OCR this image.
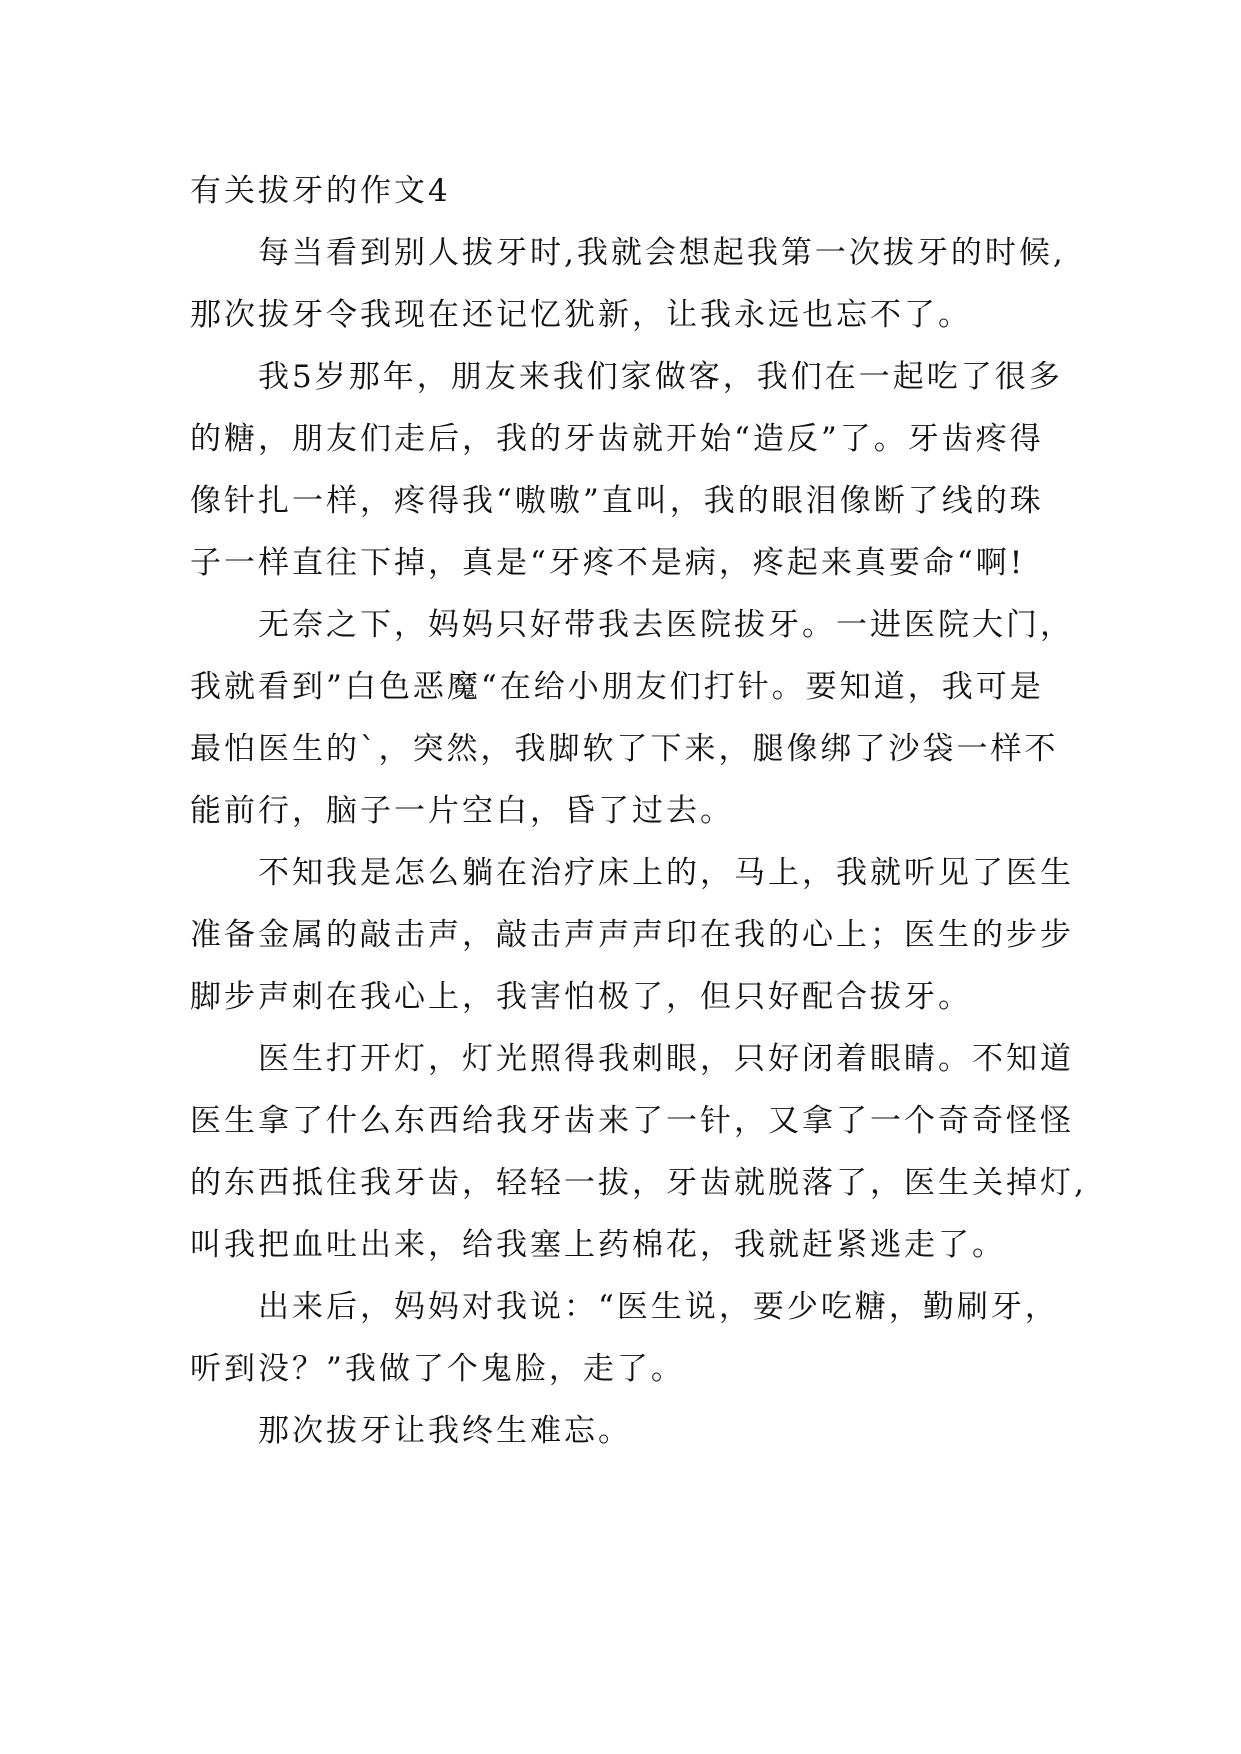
有关拔牙的作文4
每当看到别人拔牙时,我就会想起我第一次拔牙的时候,
那次拔牙令我现在还记忆犹新，让我永远也忘不了。
我5岁那年，朋友来我们家做客，我们在一起吃了很多
的糖，朋友们走后，我的牙齿就开始“造反”了。牙齿疼得
像针扎一样，疼得我“嗷嗷”直叫，我的眼泪像断了线的珠
子一样直往下掉，真是“牙疼不是病，疼起来真要命“啊!
无奈之下，妈妈只好带我去医院拔牙。一进医院大门，
我就看到”白色恶魔“在给小朋友们打针。要知道，我可是
最怕医生的`，突然，我脚软了下来，腿像绑了沙袋一样不
能前行，脑子一片空白，昏了过去。
不知我是怎么躺在治疗床上的，马上，我就听见了医生
准备金属的敲击声，敲击声声声印在我的心上；医生的步步
脚步声刺在我心上，我害怕极了，但只好配合拔牙。
医生打开灯，灯光照得我刺眼，只好闭着眼睛。不知道
医生拿了什么东西给我牙齿来了一针，又拿了一个奇奇怪怪
的东西抵住我牙齿，轻轻一拔，牙齿就脱落了，医生关掉灯,
叫我把血吐出来，给我塞上药棉花，我就赶紧逃走了。
出来后，妈妈对我说：“医生说，要少吃糖，勤刷牙，
听到没？”我做了个鬼脸，走了。
那次拔牙让我终生难忘。
